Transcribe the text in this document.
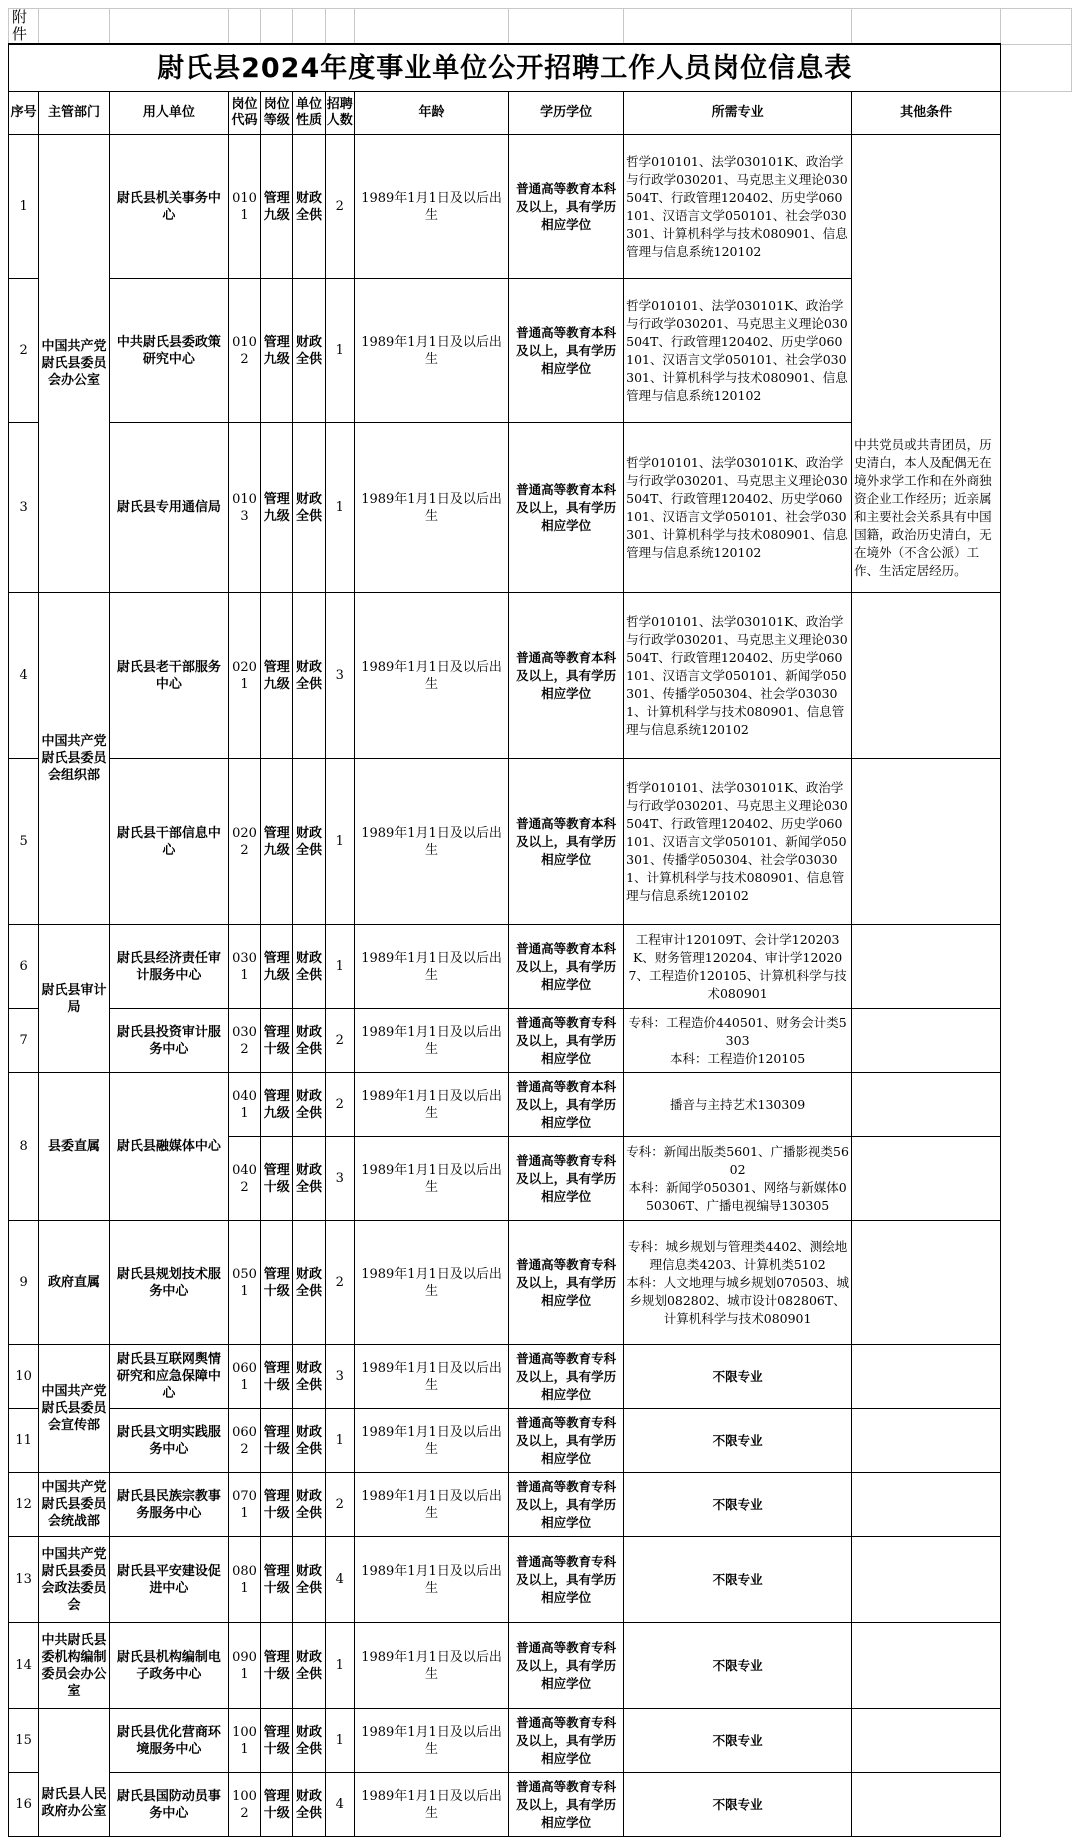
附件											
尉氏县2024年度事业单位公开招聘工作人员岗位信息表											
序号	主管部门	用人单位	岗位代码	岗位等级	单位性质	招聘人数	年龄	学历学位	所需专业	其他条件	
1	中国共产党尉氏县委员会办公室	尉氏县机关事务中心	0101	管理九级	财政全供	2	1989年1月1日及以后出生	普通高等教育本科及以上，具有学历相应学位	哲学010101、法学030101K、政治学与行政学030201、马克思主义理论030504T、行政管理120402、历史学060101、汉语言文学050101、社会学030301、计算机科学与技术080901、信息管理与信息系统120102	中共党员或共青团员，历史清白，本人及配偶无在境外求学工作和在外商独资企业工作经历；近亲属和主要社会关系具有中国国籍，政治历史清白，无在境外（不含公派）工作、生活定居经历。	

2		中共尉氏县委政策研究中心	0102	管理九级	财政全供	1	1989年1月1日及以后出生	普通高等教育本科及以上，具有学历相应学位	哲学010101、法学030101K、政治学与行政学030201、马克思主义理论030504T、行政管理120402、历史学060101、汉语言文学050101、社会学030301、计算机科学与技术080901、信息管理与信息系统120102		
3		尉氏县专用通信局	0103	管理九级	财政全供	1	1989年1月1日及以后出生	普通高等教育本科及以上，具有学历相应学位	哲学010101、法学030101K、政治学与行政学030201、马克思主义理论030504T、行政管理120402、历史学060101、汉语言文学050101、社会学030301、计算机科学与技术080901、信息管理与信息系统120102		
4	中国共产党尉氏县委员会组织部	尉氏县老干部服务中心	0201	管理九级	财政全供	3	1989年1月1日及以后出生	普通高等教育本科及以上，具有学历相应学位	哲学010101、法学030101K、政治学与行政学030201、马克思主义理论030504T、行政管理120402、历史学060101、汉语言文学050101、新闻学050301、传播学050304、社会学030301、计算机科学与技术080901、信息管理与信息系统120102		
5		尉氏县干部信息中心	0202	管理九级	财政全供	1	1989年1月1日及以后出生	普通高等教育本科及以上，具有学历相应学位	哲学010101、法学030101K、政治学与行政学030201、马克思主义理论030504T、行政管理120402、历史学060101、汉语言文学050101、新闻学050301、传播学050304、社会学030301、计算机科学与技术080901、信息管理与信息系统120102		
6	尉氏县审计局	尉氏县经济责任审计服务中心	0301	管理九级	财政全供	1	1989年1月1日及以后出生	普通高等教育本科及以上，具有学历相应学位	工程审计120109T、会计学120203K、财务管理120204、审计学120207、工程造价120105、计算机科学与技术080901		
7		尉氏县投资审计服务中心	0302	管理十级	财政全供	2	1989年1月1日及以后出生	普通高等教育专科及以上，具有学历相应学位	专科：工程造价440501、财务会计类5303
本科：工程造价120105		
8	县委直属	尉氏县融媒体中心	0401	管理九级	财政全供	2	1989年1月1日及以后出生	普通高等教育本科及以上，具有学历相应学位	播音与主持艺术130309		
			0402	管理十级	财政全供	3	1989年1月1日及以后出生	普通高等教育专科及以上，具有学历相应学位	专科：新闻出版类5601、广播影视类5602
本科：新闻学050301、网络与新媒体050306T、广播电视编导130305		
9	政府直属	尉氏县规划技术服务中心	0501	管理十级	财政全供	2	1989年1月1日及以后出生	普通高等教育专科及以上，具有学历相应学位	专科：城乡规划与管理类4402、测绘地理信息类4203、计算机类5102
本科：人文地理与城乡规划070503、城乡规划082802、城市设计082806T、计算机科学与技术080901		
10	中国共产党尉氏县委员会宣传部	尉氏县互联网舆情研究和应急保障中心	0601	管理十级	财政全供	3	1989年1月1日及以后出生	普通高等教育专科及以上，具有学历相应学位	不限专业		
11		尉氏县文明实践服务中心	0602	管理十级	财政全供	1	1989年1月1日及以后出生	普通高等教育专科及以上，具有学历相应学位	不限专业		
12	中国共产党尉氏县委员会统战部	尉氏县民族宗教事务服务中心	0701	管理十级	财政全供	2	1989年1月1日及以后出生	普通高等教育专科及以上，具有学历相应学位	不限专业		
13	中国共产党尉氏县委员会政法委员会	尉氏县平安建设促进中心	0801	管理十级	财政全供	4	1989年1月1日及以后出生	普通高等教育专科及以上，具有学历相应学位	不限专业		
14	中共尉氏县委机构编制委员会办公室	尉氏县机构编制电子政务中心	0901	管理十级	财政全供	1	1989年1月1日及以后出生	普通高等教育专科及以上，具有学历相应学位	不限专业		
15	尉氏县人民政府办公室	尉氏县优化营商环境服务中心	1001	管理十级	财政全供	1	1989年1月1日及以后出生	普通高等教育专科及以上，具有学历相应学位	不限专业		
16		尉氏县国防动员事务中心	1002	管理十级	财政全供	4	1989年1月1日及以后出生	普通高等教育专科及以上，具有学历相应学位	不限专业		
